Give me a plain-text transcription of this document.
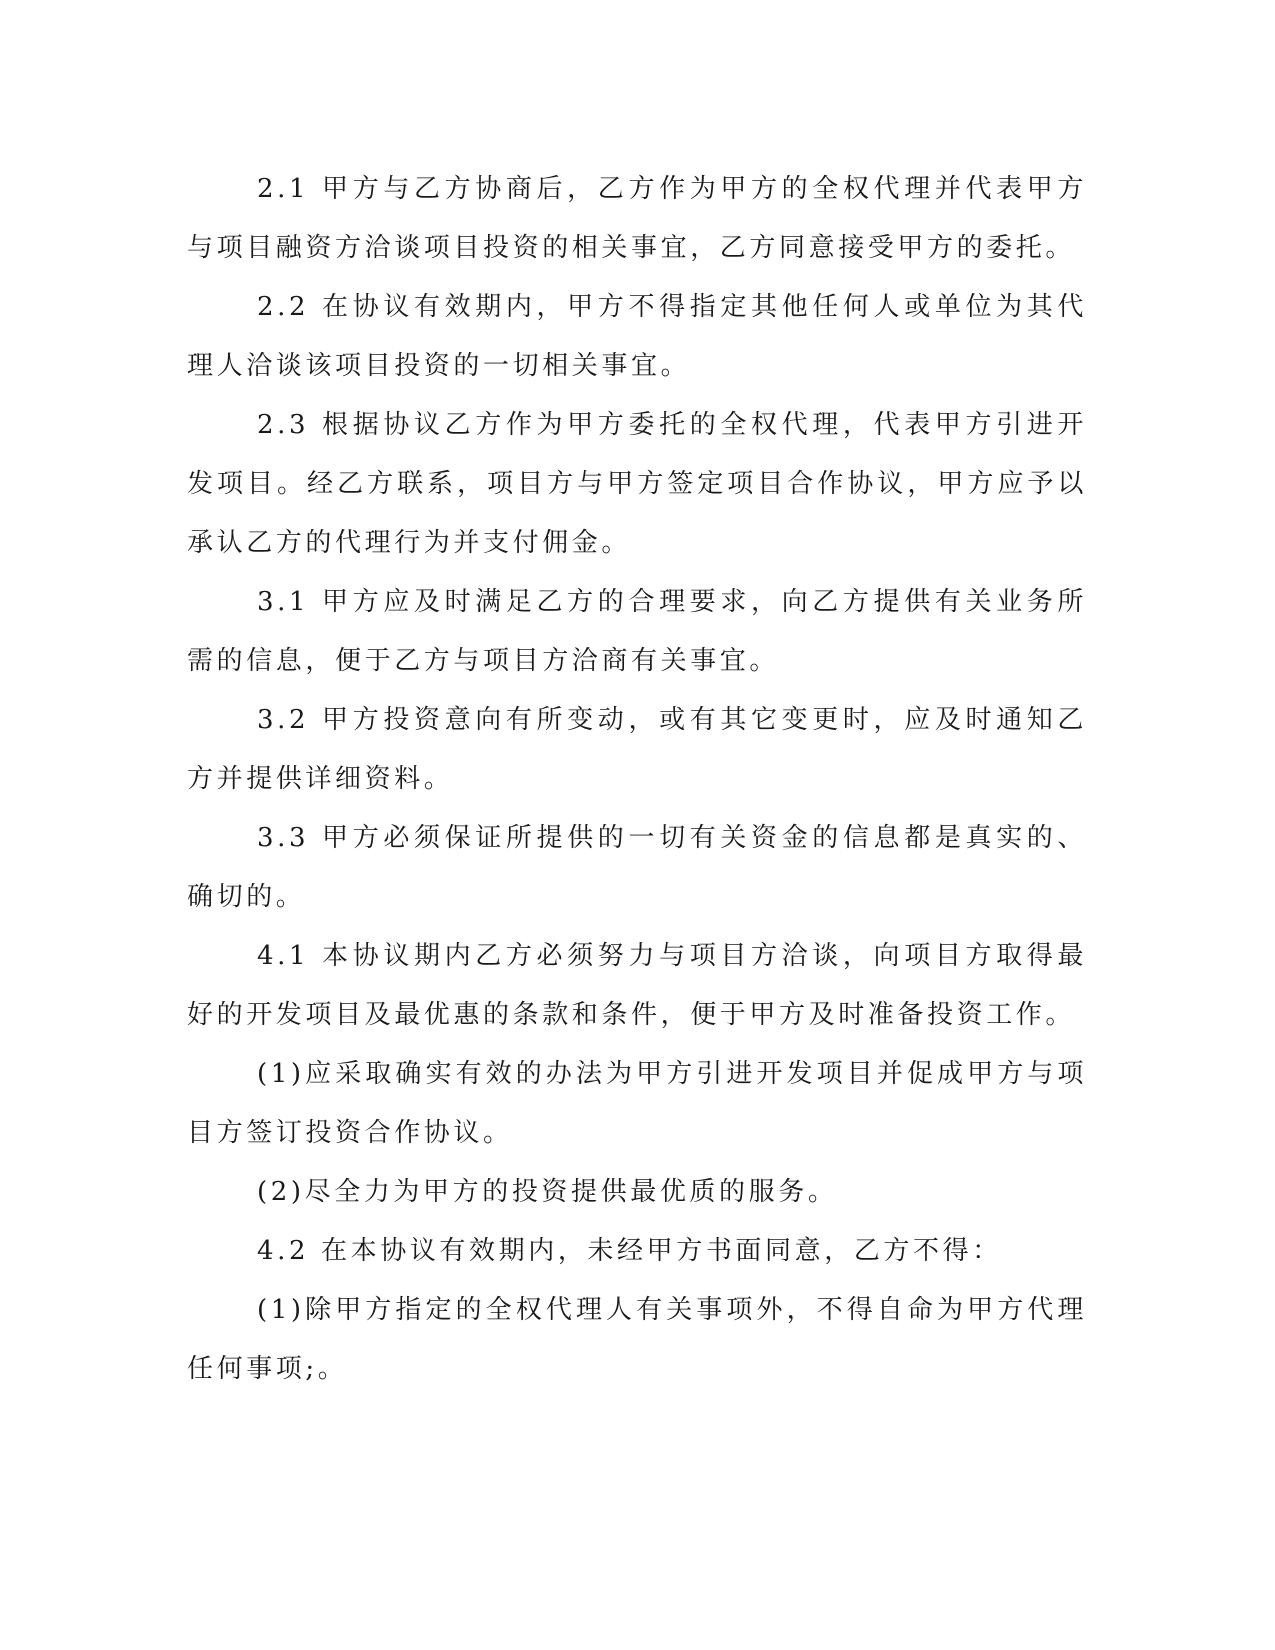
2.1 甲方与乙方协商后，乙方作为甲方的全权代理并代表甲方与项目融资方洽谈项目投资的相关事宜，乙方同意接受甲方的委托。

2.2 在协议有效期内，甲方不得指定其他任何人或单位为其代理人洽谈该项目投资的一切相关事宜。

2.3 根据协议乙方作为甲方委托的全权代理，代表甲方引进开发项目。经乙方联系，项目方与甲方签定项目合作协议，甲方应予以承认乙方的代理行为并支付佣金。

3.1 甲方应及时满足乙方的合理要求，向乙方提供有关业务所需的信息，便于乙方与项目方洽商有关事宜。

3.2 甲方投资意向有所变动，或有其它变更时，应及时通知乙方并提供详细资料。

3.3 甲方必须保证所提供的一切有关资金的信息都是真实的、确切的。

4.1 本协议期内乙方必须努力与项目方洽谈，向项目方取得最好的开发项目及最优惠的条款和条件，便于甲方及时准备投资工作。

(1)应采取确实有效的办法为甲方引进开发项目并促成甲方与项目方签订投资合作协议。

(2)尽全力为甲方的投资提供最优质的服务。

4.2 在本协议有效期内，未经甲方书面同意，乙方不得：

(1)除甲方指定的全权代理人有关事项外，不得自命为甲方代理任何事项;。
